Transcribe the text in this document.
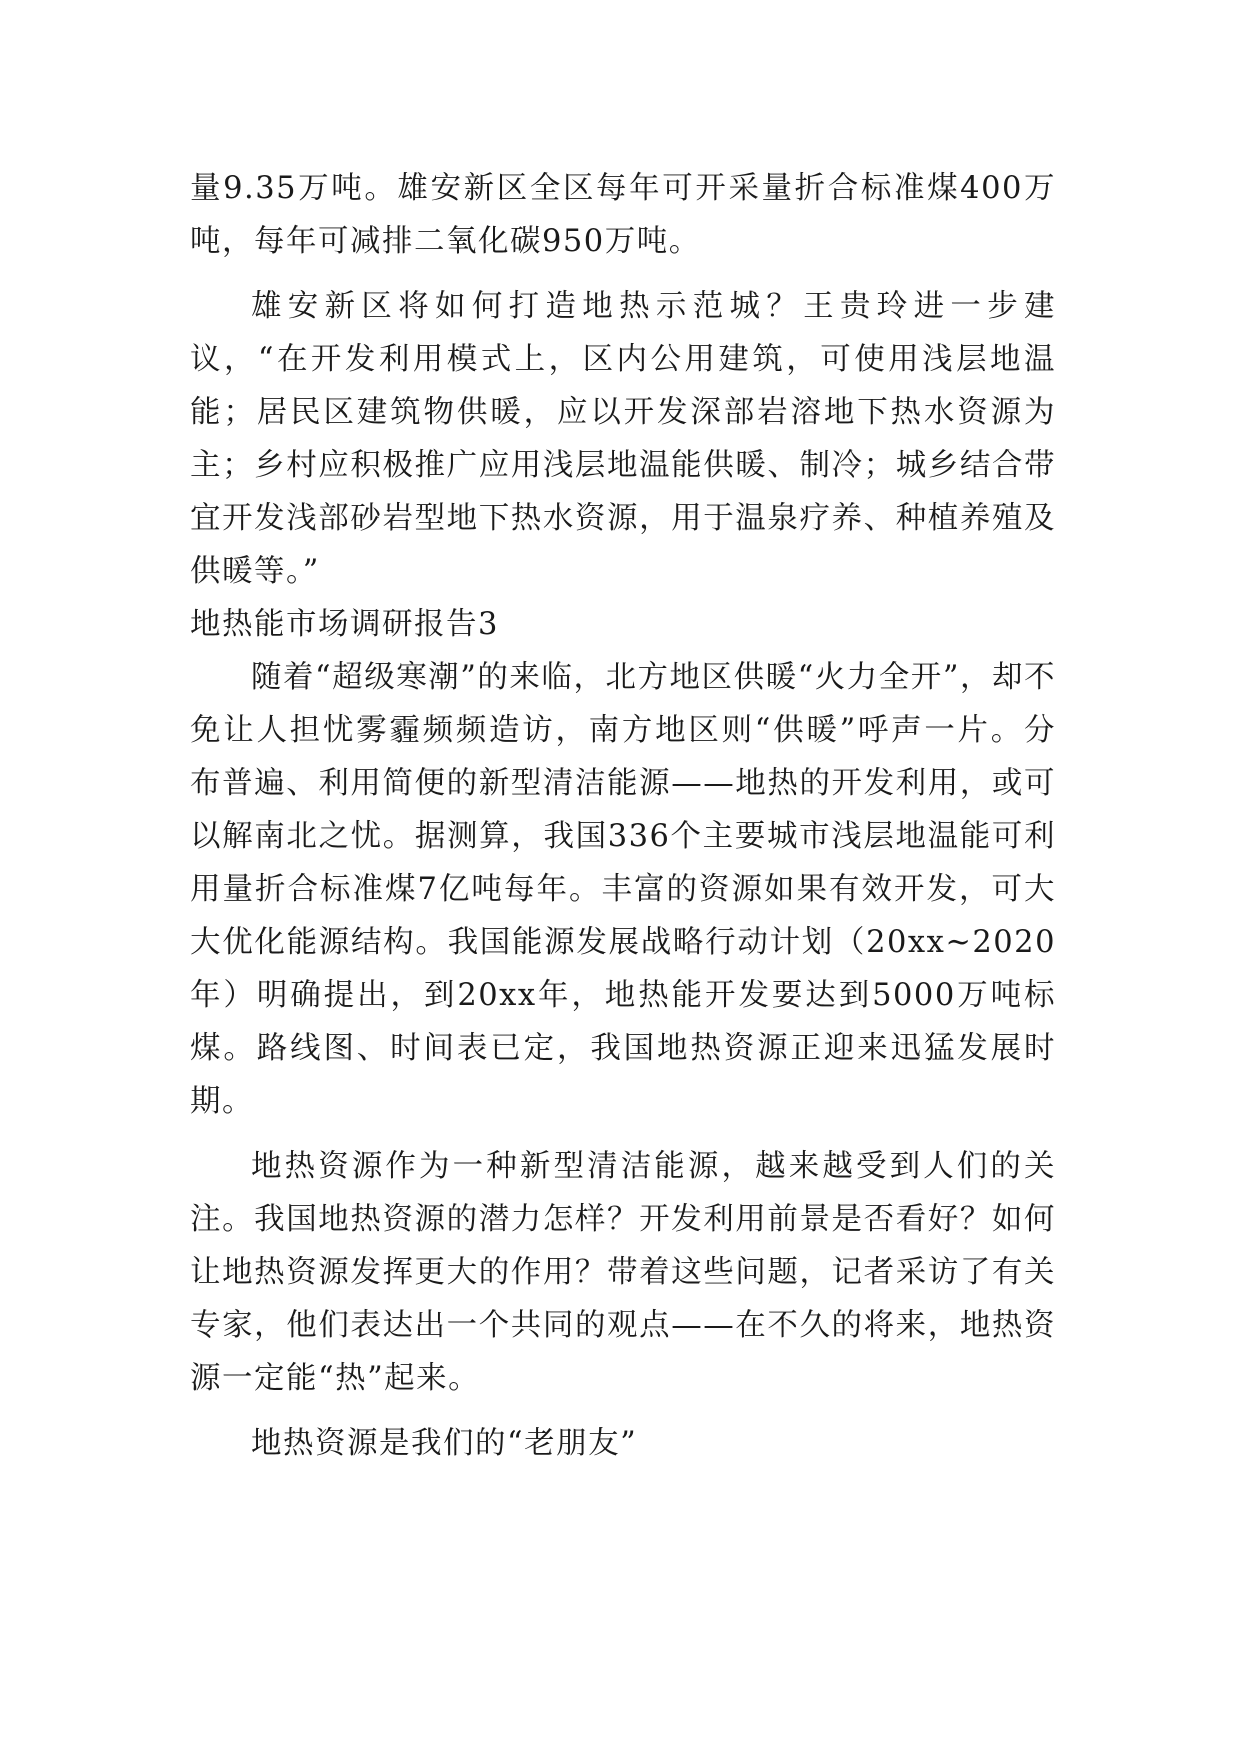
量9.35万吨。雄安新区全区每年可开采量折合标准煤400万吨，每年可减排二氧化碳950万吨。

雄安新区将如何打造地热示范城？王贵玲进一步建议，“在开发利用模式上，区内公用建筑，可使用浅层地温能；居民区建筑物供暖，应以开发深部岩溶地下热水资源为主；乡村应积极推广应用浅层地温能供暖、制冷；城乡结合带宜开发浅部砂岩型地下热水资源，用于温泉疗养、种植养殖及供暖等。”

地热能市场调研报告3

随着“超级寒潮”的来临，北方地区供暖“火力全开”，却不免让人担忧雾霾频频造访，南方地区则“供暖”呼声一片。分布普遍、利用简便的新型清洁能源——地热的开发利用，或可以解南北之忧。据测算，我国336个主要城市浅层地温能可利用量折合标准煤7亿吨每年。丰富的资源如果有效开发，可大大优化能源结构。我国能源发展战略行动计划（20xx~2020年）明确提出，到20xx年，地热能开发要达到5000万吨标煤。路线图、时间表已定，我国地热资源正迎来迅猛发展时期。

地热资源作为一种新型清洁能源，越来越受到人们的关注。我国地热资源的潜力怎样？开发利用前景是否看好？如何让地热资源发挥更大的作用？带着这些问题，记者采访了有关专家，他们表达出一个共同的观点——在不久的将来，地热资源一定能“热”起来。

地热资源是我们的“老朋友”
